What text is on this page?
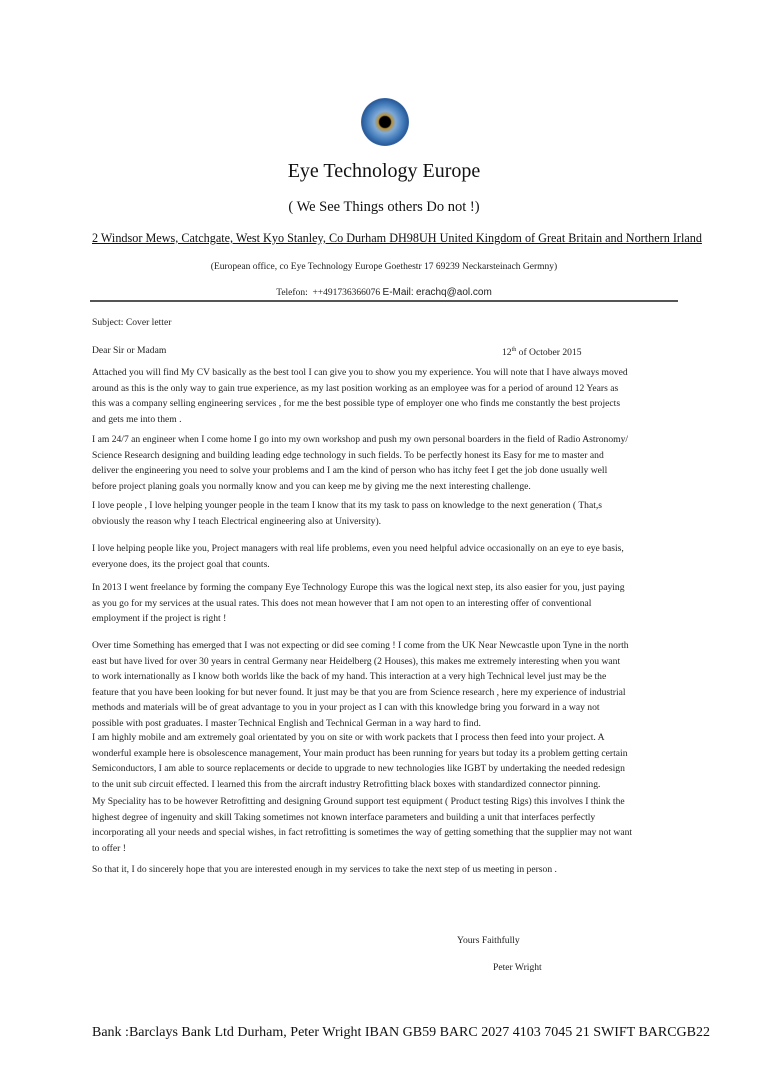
Eye Technology Europe
( We See Things others Do not !)
2 Windsor Mews, Catchgate, West Kyo Stanley, Co Durham DH98UH United Kingdom of Great Britain and Northern Irland
(European office, co Eye Technology Europe Goethestr 17 69239 Neckarsteinach Germny)
Telefon: ++491736366076 E-Mail: erachq@aol.com
Subject: Cover letter
Dear Sir or Madam	12th of October 2015
Attached you will find My CV basically as the best tool I can give you to show you my experience. You will note that I have always moved
around as this is the only way to gain true experience, as my last position working as an employee was for a period of around 12 Years as
this was a company selling engineering services , for me the best possible type of employer one who finds me constantly the best projects
and gets me into them .
I am 24/7 an engineer when I come home I go into my own workshop and push my own personal boarders in the field of Radio Astronomy/
Science Research designing and building leading edge technology in such fields. To be perfectly honest its Easy for me to master and
deliver the engineering you need to solve your problems and I am the kind of person who has itchy feet I get the job done usually well
before project planing goals you normally know and you can keep me by giving me the next interesting challenge.
I love people , I love helping younger people in the team I know that its my task to pass on knowledge to the next generation ( That,s
obviously the reason why I teach Electrical engineering also at University).
I love helping people like you, Project managers with real life problems, even you need helpful advice occasionally on an eye to eye basis,
everyone does, its the project goal that counts.
In 2013 I went freelance by forming the company Eye Technology Europe this was the logical next step, its also easier for you, just paying
as you go for my services at the usual rates. This does not mean however that I am not open to an interesting offer of conventional
employment if the project is right !
Over time Something has emerged that I was not expecting or did see coming ! I come from the UK Near Newcastle upon Tyne in the north
east but have lived for over 30 years in central Germany near Heidelberg (2 Houses), this makes me extremely interesting when you want
to work internationally as I know both worlds like the back of my hand. This interaction at a very high Technical level just may be the
feature that you have been looking for but never found. It just may be that you are from Science research , here my experience of industrial
methods and materials will be of great advantage to you in your project as I can with this knowledge bring you forward in a way not
possible with post graduates. I master Technical English and Technical German in a way hard to find.
I am highly mobile and am extremely goal orientated by you on site or with work packets that I process then feed into your project. A
wonderful example here is obsolescence management, Your main product has been running for years but today its a problem getting certain
Semiconductors, I am able to source replacements or decide to upgrade to new technologies like IGBT by undertaking the needed redesign
to the unit sub circuit effected. I learned this from the aircraft industry Retrofitting black boxes with standardized connector pinning.
My Speciality has to be however Retrofitting and designing Ground support test equipment ( Product testing Rigs) this involves I think the
highest degree of ingenuity and skill Taking sometimes not known interface parameters and building a unit that interfaces perfectly
incorporating all your needs and special wishes, in fact retrofitting is sometimes the way of getting something that the supplier may not want
to offer !
So that it, I do sincerely hope that you are interested enough in my services to take the next step of us meeting in person .
Yours Faithfully
Peter Wright
Bank :Barclays Bank Ltd Durham, Peter Wright IBAN GB59 BARC 2027 4103 7045 21 SWIFT BARCGB22
